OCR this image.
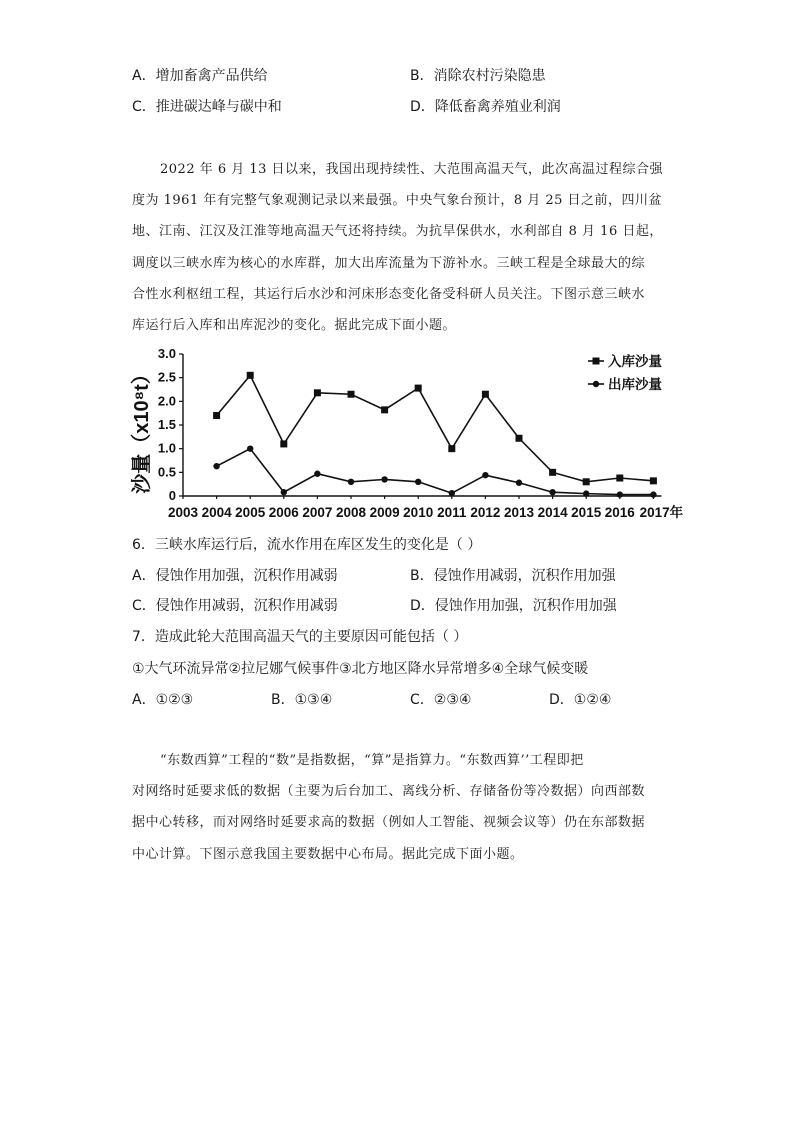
A．增加畜禽产品供给	B．消除农村污染隐患
C．推进碳达峰与碳中和	D．降低畜禽养殖业利润
2022 年 6 月 13 日以来，我国出现持续性、大范围高温天气，此次高温过程综合强
度为 1961 年有完整气象观测记录以来最强。中央气象台预计，8 月 25 日之前，四川盆
地、江南、江汉及江淮等地高温天气还将持续。为抗旱保供水，水利部自 8 月 16 日起，
调度以三峡水库为核心的水库群，加大出库流量为下游补水。三峡工程是全球最大的综
合性水利枢纽工程，其运行后水沙和河床形态变化备受科研人员关注。下图示意三峡水
库运行后入库和出库泥沙的变化。据此完成下面小题。
0
0.5
1.0
1.5
2.0
2.5
3.0
2003 2004 2005 2006 2007 2008 2009 2010 2011 2012 2013 2014 2015 2016 2017年
入库沙量
出库沙量
沙量（x10⁸t）
6．三峡水库运行后，流水作用在库区发生的变化是（ ）
A．侵蚀作用加强，沉积作用减弱	B．侵蚀作用减弱，沉积作用加强
C．侵蚀作用减弱，沉积作用减弱	D．侵蚀作用加强，沉积作用加强
7．造成此轮大范围高温天气的主要原因可能包括（ ）
①大气环流异常②拉尼娜气候事件③北方地区降水异常增多④全球气候变暖
A．①②③	B．①③④	C．②③④	D．①②④
“东数西算”工程的“数”是指数据，“算”是指算力。“东数西算’’工程即把
对网络时延要求低的数据（主要为后台加工、离线分析、存储备份等冷数据）向西部数
据中心转移，而对网络时延要求高的数据（例如人工智能、视频会议等）仍在东部数据
中心计算。下图示意我国主要数据中心布局。据此完成下面小题。
